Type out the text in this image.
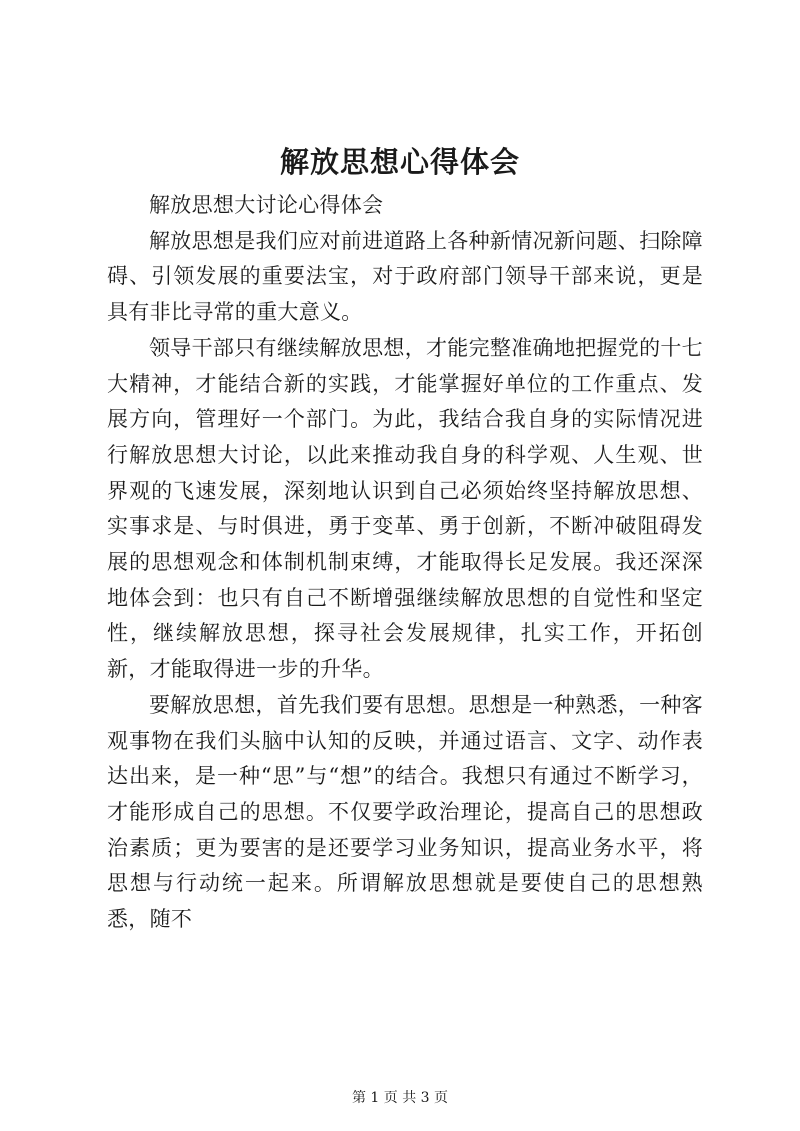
解放思想心得体会

解放思想大讨论心得体会

解放思想是我们应对前进道路上各种新情况新问题、扫除障碍、引领发展的重要法宝，对于政府部门领导干部来说，更是具有非比寻常的重大意义。

领导干部只有继续解放思想，才能完整准确地把握党的十七大精神，才能结合新的实践，才能掌握好单位的工作重点、发展方向，管理好一个部门。为此，我结合我自身的实际情况进行解放思想大讨论，以此来推动我自身的科学观、人生观、世界观的飞速发展，深刻地认识到自己必须始终坚持解放思想、实事求是、与时俱进，勇于变革、勇于创新，不断冲破阻碍发展的思想观念和体制机制束缚，才能取得长足发展。我还深深地体会到：也只有自己不断增强继续解放思想的自觉性和坚定性，继续解放思想，探寻社会发展规律，扎实工作，开拓创新，才能取得进一步的升华。

要解放思想，首先我们要有思想。思想是一种熟悉，一种客观事物在我们头脑中认知的反映，并通过语言、文字、动作表达出来，是一种“思”与“想”的结合。我想只有通过不断学习，才能形成自己的思想。不仅要学政治理论，提高自己的思想政治素质；更为要害的是还要学习业务知识，提高业务水平，将思想与行动统一起来。所谓解放思想就是要使自己的思想熟悉，随不

第 1 页 共 3 页
